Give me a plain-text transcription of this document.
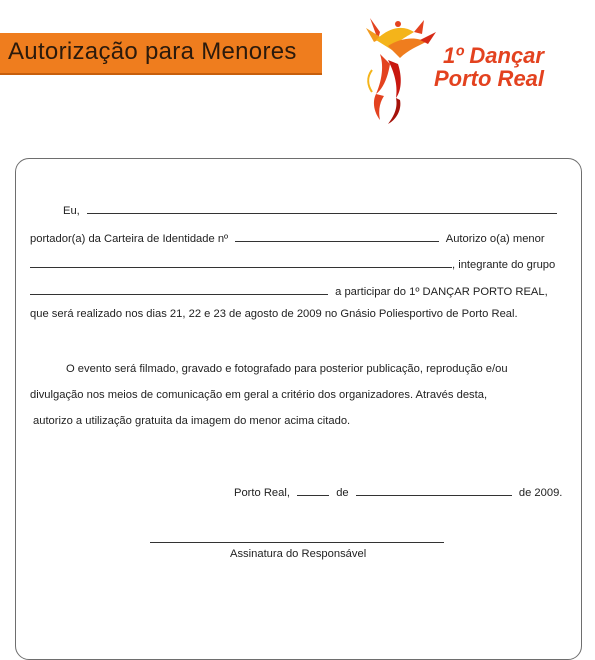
Autorização para Menores	1º Dançar
Porto Real
Eu,
portador(a) da Carteira de Identidade nº	Autorizo o(a) menor
, integrante do grupo
a participar do 1º DANÇAR PORTO REAL,
que será realizado nos dias 21, 22 e 23 de agosto de 2009 no Gnásio Poliesportivo de Porto Real.
O evento será filmado, gravado e fotografado para posterior publicação, reprodução e/ou
divulgação nos meios de comunicação em geral a critério dos organizadores. Através desta,
autorizo a utilização gratuita da imagem do menor acima citado.
Porto Real,	de	de 2009.
Assinatura do Responsável
